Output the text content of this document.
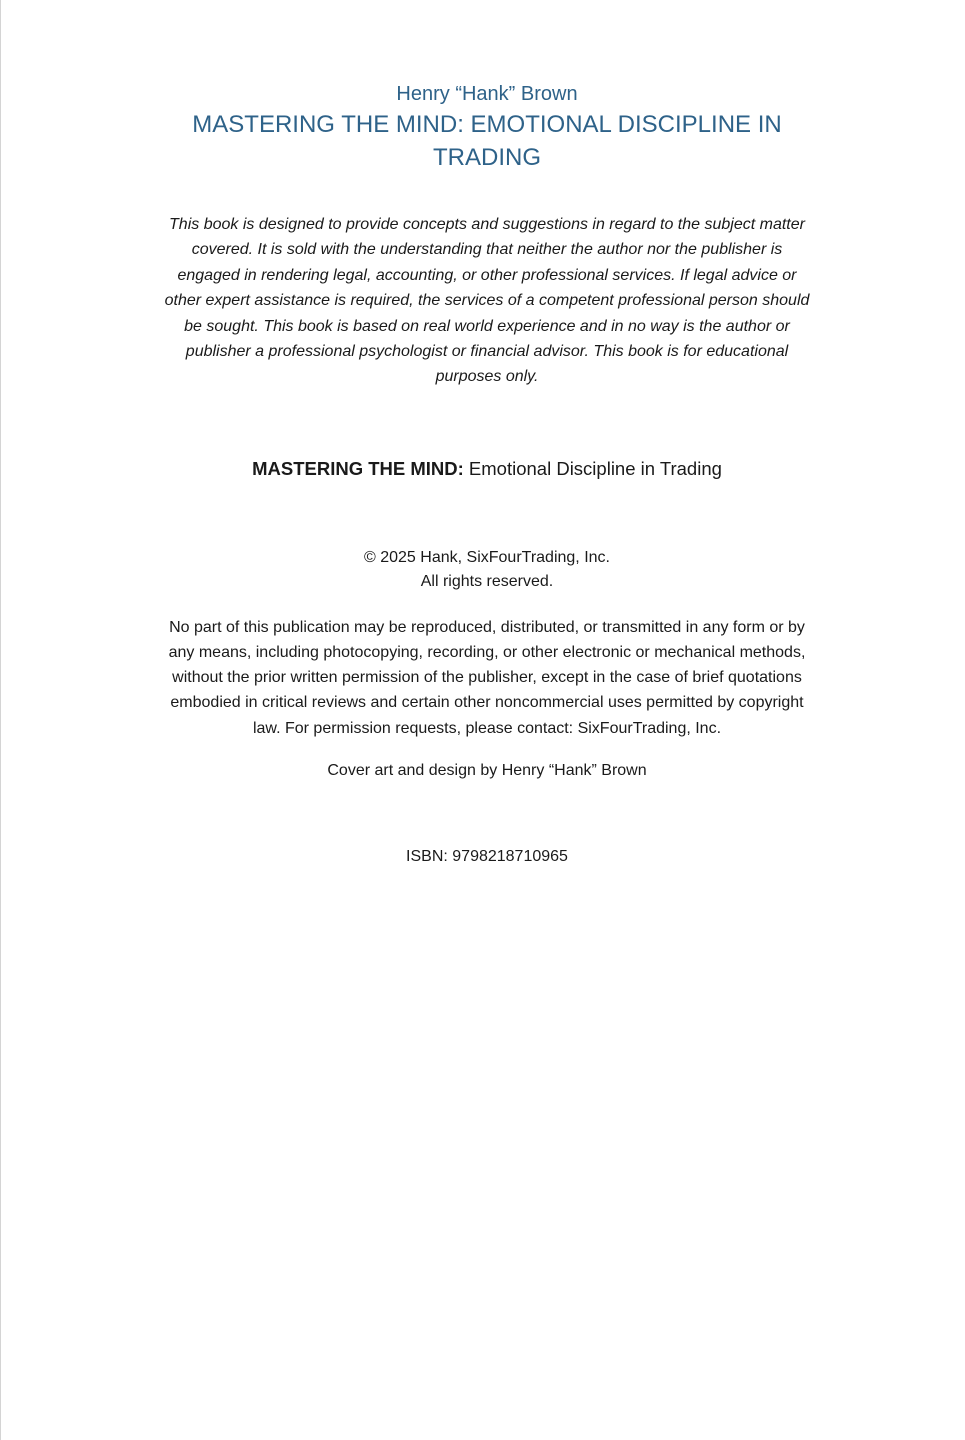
Henry “Hank” Brown

MASTERING THE MIND: EMOTIONAL DISCIPLINE IN TRADING

This book is designed to provide concepts and suggestions in regard to the subject matter covered. It is sold with the understanding that neither the author nor the publisher is engaged in rendering legal, accounting, or other professional services. If legal advice or other expert assistance is required, the services of a competent professional person should be sought. This book is based on real world experience and in no way is the author or publisher a professional psychologist or financial advisor. This book is for educational purposes only.

MASTERING THE MIND: Emotional Discipline in Trading

© 2025 Hank, SixFourTrading, Inc.
All rights reserved.

No part of this publication may be reproduced, distributed, or transmitted in any form or by any means, including photocopying, recording, or other electronic or mechanical methods, without the prior written permission of the publisher, except in the case of brief quotations embodied in critical reviews and certain other noncommercial uses permitted by copyright law. For permission requests, please contact: SixFourTrading, Inc.

Cover art and design by Henry “Hank” Brown

ISBN: 9798218710965
